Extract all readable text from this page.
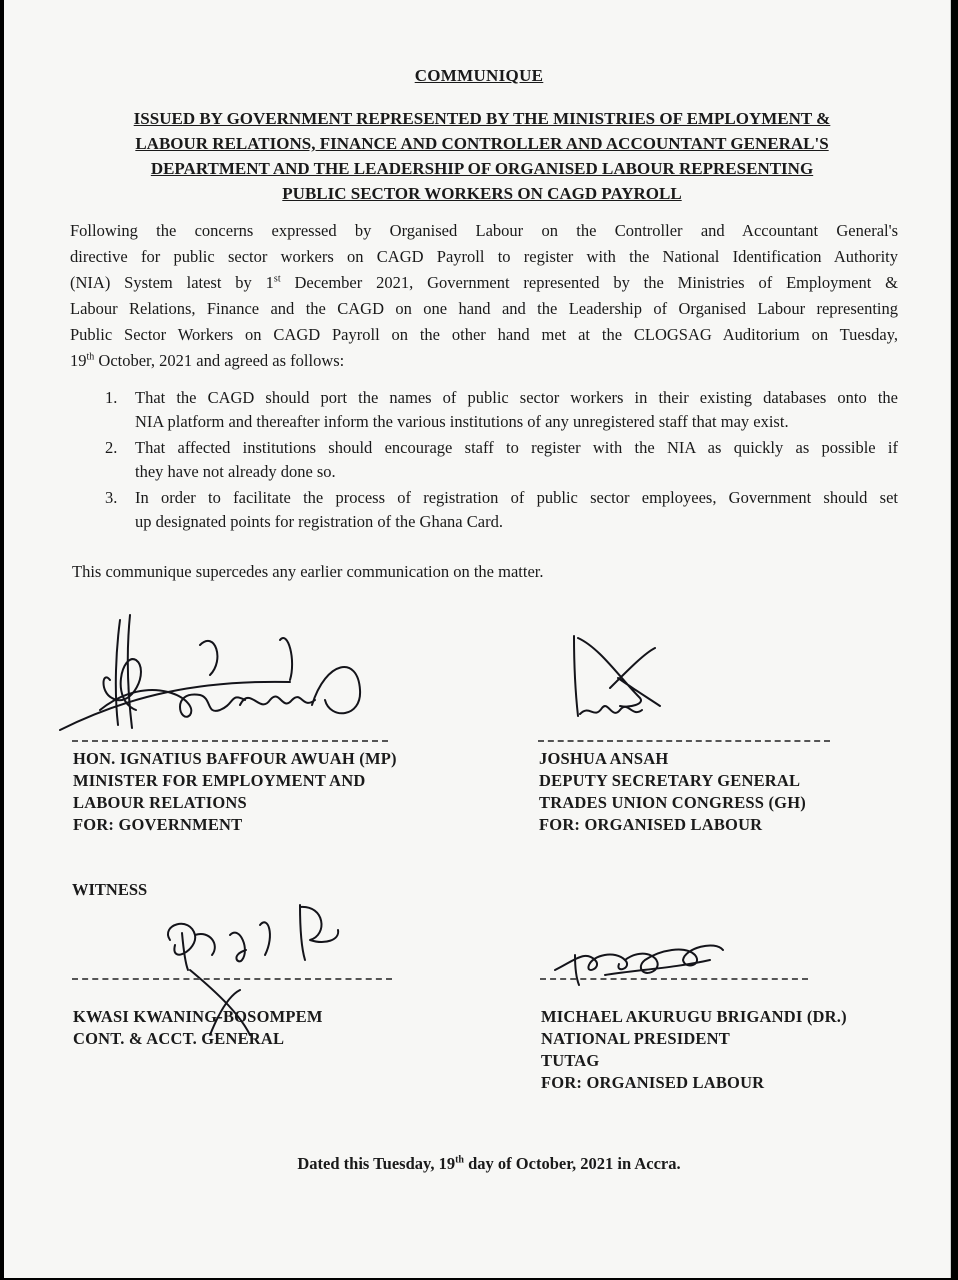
COMMUNIQUE
ISSUED BY GOVERNMENT REPRESENTED BY THE MINISTRIES OF EMPLOYMENT &
LABOUR RELATIONS, FINANCE AND CONTROLLER AND ACCOUNTANT GENERAL'S
DEPARTMENT AND THE LEADERSHIP OF ORGANISED LABOUR REPRESENTING
PUBLIC SECTOR WORKERS ON CAGD PAYROLL
Following the concerns expressed by Organised Labour on the Controller and Accountant General's
directive for public sector workers on CAGD Payroll to register with the National Identification Authority
(NIA) System latest by 1st December 2021, Government represented by the Ministries of Employment &
Labour Relations, Finance and the CAGD on one hand and the Leadership of Organised Labour representing
Public Sector Workers on CAGD Payroll on the other hand met at the CLOGSAG Auditorium on Tuesday,
19th October, 2021 and agreed as follows:
1. That the CAGD should port the names of public sector workers in their existing databases onto the
NIA platform and thereafter inform the various institutions of any unregistered staff that may exist.
2. That affected institutions should encourage staff to register with the NIA as quickly as possible if
they have not already done so.
3. In order to facilitate the process of registration of public sector employees, Government should set
up designated points for registration of the Ghana Card.
This communique supercedes any earlier communication on the matter.
HON. IGNATIUS BAFFOUR AWUAH (MP)
MINISTER FOR EMPLOYMENT AND
LABOUR RELATIONS
FOR: GOVERNMENT
JOSHUA ANSAH
DEPUTY SECRETARY GENERAL
TRADES UNION CONGRESS (GH)
FOR: ORGANISED LABOUR
WITNESS
KWASI KWANING-BOSOMPEM
CONT. & ACCT. GENERAL
MICHAEL AKURUGU BRIGANDI (DR.)
NATIONAL PRESIDENT
TUTAG
FOR: ORGANISED LABOUR
Dated this Tuesday, 19th day of October, 2021 in Accra.
